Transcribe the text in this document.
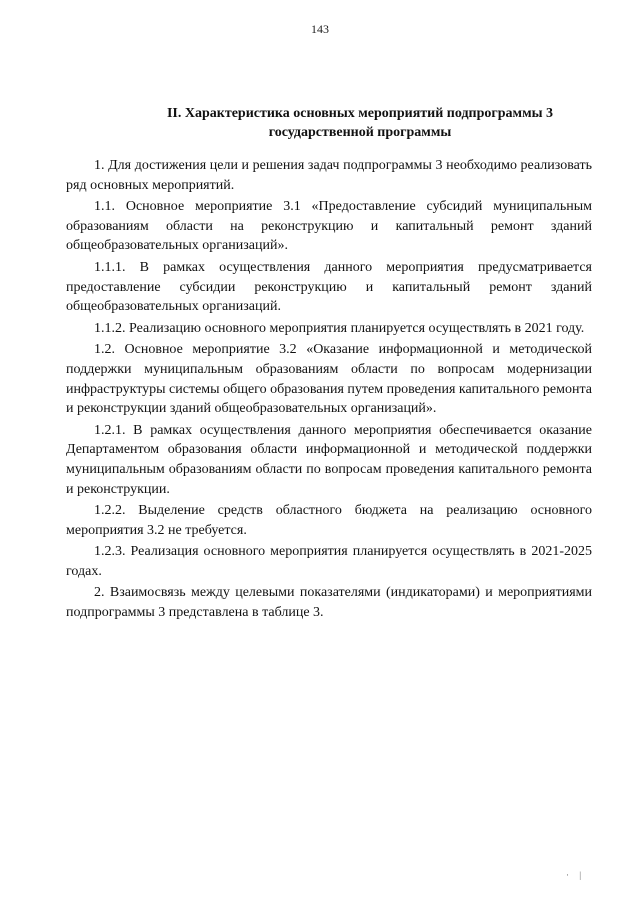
143
II. Характеристика основных мероприятий подпрограммы 3
государственной программы

1. Для достижения цели и решения задач подпрограммы 3 необходимо реализовать ряд основных мероприятий.

1.1. Основное мероприятие 3.1 «Предоставление субсидий муниципальным образованиям области на реконструкцию и капитальный ремонт зданий общеобразовательных организаций».

1.1.1. В рамках осуществления данного мероприятия предусматривается предоставление субсидии реконструкцию и капитальный ремонт зданий общеобразовательных организаций.

1.1.2. Реализацию основного мероприятия планируется осуществлять в 2021 году.

1.2. Основное мероприятие 3.2 «Оказание информационной и методической поддержки муниципальным образованиям области по вопросам модернизации инфраструктуры системы общего образования путем проведения капитального ремонта и реконструкции зданий общеобразовательных организаций».

1.2.1. В рамках осуществления данного мероприятия обеспечивается оказание Департаментом образования области информационной и методической поддержки муниципальным образованиям области по вопросам проведения капитального ремонта и реконструкции.

1.2.2. Выделение средств областного бюджета на реализацию основного мероприятия 3.2 не требуется.

1.2.3. Реализация основного мероприятия планируется осуществлять в 2021-2025 годах.

2. Взаимосвязь между целевыми показателями (индикаторами) и мероприятиями подпрограммы 3 представлена в таблице 3.

· |
